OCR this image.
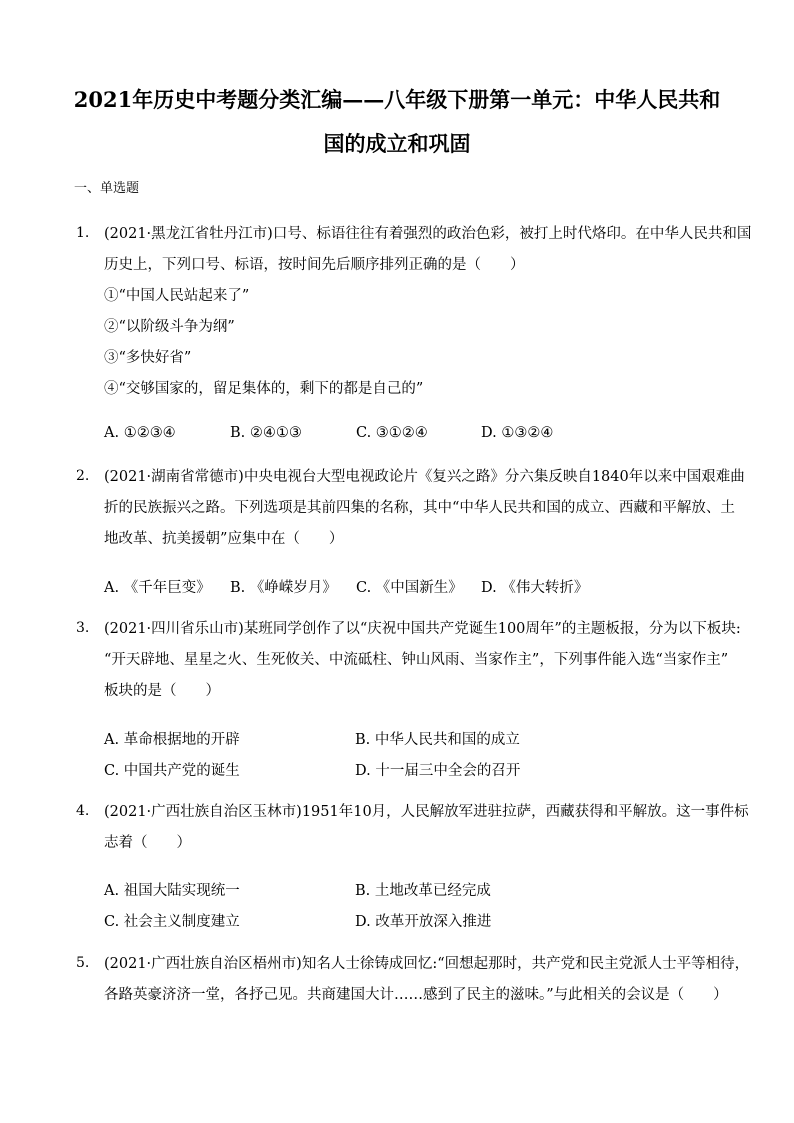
2021年历史中考题分类汇编——八年级下册第一单元：中华人民共和
国的成立和巩固
一、单选题
1. (2021·黑龙江省牡丹江市)口号、标语往往有着强烈的政治色彩，被打上时代烙印。在中华人民共和国
历史上，下列口号、标语，按时间先后顺序排列正确的是（　　）
①“中国人民站起来了”
②“以阶级斗争为纲”
③“多快好省”
④“交够国家的，留足集体的，剩下的都是自己的”
A. ①②③④	B. ②④①③	C. ③①②④	D. ①③②④
2. (2021·湖南省常德市)中央电视台大型电视政论片《复兴之路》分六集反映自1840年以来中国艰难曲
折的民族振兴之路。下列选项是其前四集的名称，其中“中华人民共和国的成立、西藏和平解放、土
地改革、抗美援朝”应集中在（　　）
A. 《千年巨变》 B. 《峥嵘岁月》 C. 《中国新生》 D. 《伟大转折》
3. (2021·四川省乐山市)某班同学创作了以“庆祝中国共产党诞生100周年”的主题板报，分为以下板块:
“开天辟地、星星之火、生死攸关、中流砥柱、钟山风雨、当家作主”，下列事件能入选“当家作主”
板块的是（　　）
A. 革命根据地的开辟	B. 中华人民共和国的成立
C. 中国共产党的诞生	D. 十一届三中全会的召开
4. (2021·广西壮族自治区玉林市)1951年10月，人民解放军进驻拉萨，西藏获得和平解放。这一事件标
志着（　　）
A. 祖国大陆实现统一	B. 土地改革已经完成
C. 社会主义制度建立	D. 改革开放深入推进
5. (2021·广西壮族自治区梧州市)知名人士徐铸成回忆:“回想起那时，共产党和民主党派人士平等相待，
各路英豪济济一堂，各抒己见。共商建国大计……感到了民主的滋味。”与此相关的会议是（　　）
